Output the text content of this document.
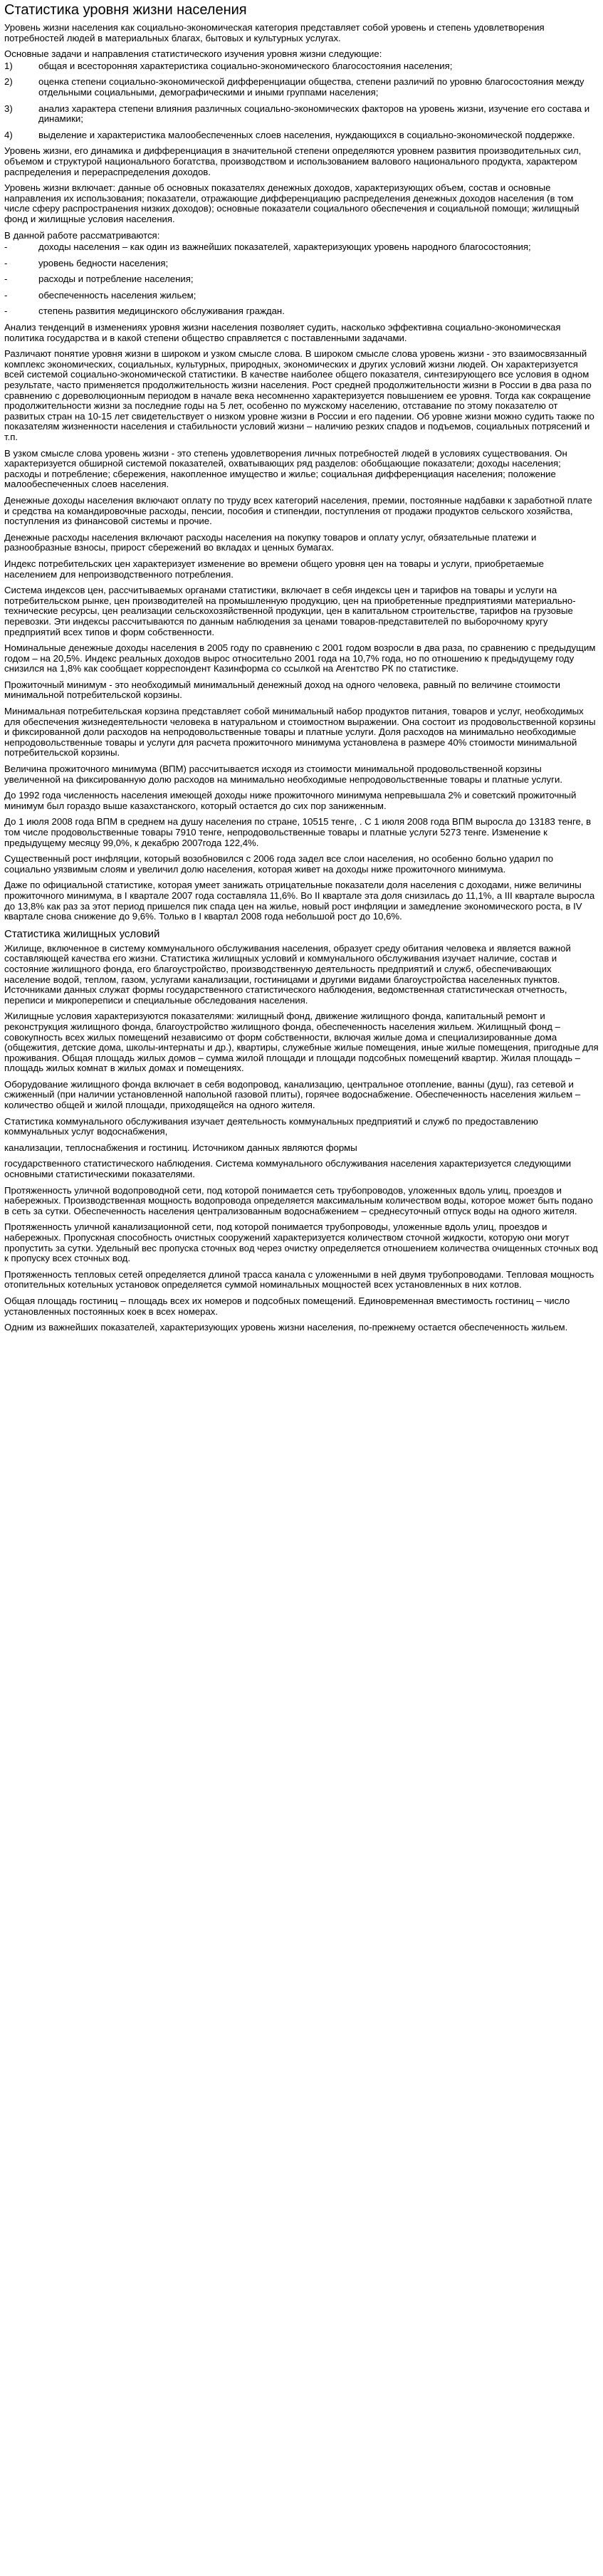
Статистика уровня жизни населения

Уровень жизни населения как социально-экономическая категория представляет собой уровень и степень удовлетворения потребностей людей в материальных благах, бытовых и культурных услугах.

Основные задачи и направления статистического изучения уровня жизни следующие:

1)	общая и всесторонняя характеристика социально-экономического благосостояния населения;
2)	оценка степени социально-экономической дифференциации общества, степени различий по уровню благосостояния между отдельными социальными, демографическими и иными группами населения;
3)	анализ характера степени влияния различных социально-экономических факторов на уровень жизни, изучение его состава и динамики;
4)	выделение и характеристика малообеспеченных слоев населения, нуждающихся в социально-экономической поддержке.

Уровень жизни, его динамика и дифференциация в значительной степени определяются уровнем развития производительных сил, объемом и структурой национального богатства, производством и использованием валового национального продукта, характером распределения и перераспределения доходов.

Уровень жизни включает: данные об основных показателях денежных доходов, характеризующих объем, состав и основные направления их использования; показатели, отражающие дифференциацию распределения денежных доходов населения (в том числе сферу распространения низких доходов); основные показатели социального обеспечения и социальной помощи; жилищный фонд и жилищные условия населения.

В данной работе рассматриваются:

-	доходы населения – как один из важнейших показателей, характеризующих уровень народного благосостояния;
-	уровень бедности населения;
-	расходы и потребление населения;
-	обеспеченность населения жильем;
-	степень развития медицинского обслуживания граждан.

Анализ тенденций в изменениях уровня жизни населения позволяет судить, насколько эффективна социально-экономическая политика государства и в какой степени общество справляется с поставленными задачами.

Различают понятие уровня жизни в широком и узком смысле слова. В широком смысле слова уровень жизни - это взаимосвязанный комплекс экономических, социальных, культурных, природных, экономических и других условий жизни людей. Он характеризуется всей системой социально-экономической статистики. В качестве наиболее общего показателя, синтезирующего все условия в одном результате, часто применяется продолжительность жизни населения. Рост средней продолжительности жизни в России в два раза по сравнению с дореволюционным периодом в начале века несомненно характеризуется повышением ее уровня. Тогда как сокращение продолжительности жизни за последние годы на 5 лет, особенно по мужскому населению, отставание по этому показателю от развитых стран на 10-15 лет свидетельствует о низком уровне жизни в России и его падении. Об уровне жизни можно судить также по показателям жизненности населения и стабильности условий жизни – наличию резких спадов и подъемов, социальных потрясений и т.п.

В узком смысле слова уровень жизни - это степень удовлетворения личных потребностей людей в условиях существования. Он характеризуется обширной системой показателей, охватывающих ряд разделов: обобщающие показатели; доходы населения; расходы и потребление; сбережения, накопленное имущество и жилье; социальная дифференциация населения; положение малообеспеченных слоев населения.

Денежные доходы населения включают оплату по труду всех категорий населения, премии, постоянные надбавки к заработной плате и средства на командировочные расходы, пенсии, пособия и стипендии, поступления от продажи продуктов сельского хозяйства, поступления из финансовой системы и прочие.

Денежные расходы населения включают расходы населения на покупку товаров и оплату услуг, обязательные платежи и разнообразные взносы, прирост сбережений во вкладах и ценных бумагах.

Индекс потребительских цен характеризует изменение во времени общего уровня цен на товары и услуги, приобретаемые населением для непроизводственного потребления.

Система индексов цен, рассчитываемых органами статистики, включает в себя индексы цен и тарифов на товары и услуги на потребительском рынке, цен производителей на промышленную продукцию, цен на приобретенные предприятиями материально-технические ресурсы, цен реализации сельскохозяйственной продукции, цен в капитальном строительстве, тарифов на грузовые перевозки. Эти индексы рассчитываются по данным наблюдения за ценами товаров-представителей по выборочному кругу предприятий всех типов и форм собственности.

Номинальные денежные доходы населения в 2005 году по сравнению с 2001 годом возросли в два раза, по сравнению с предыдущим годом – на 20,5%. Индекс реальных доходов вырос относительно 2001 года на 10,7% года, но по отношению к предыдущему году снизился на 1,8% как сообщает корреспондент Казинформа со ссылкой на Агентство РК по статистике.

Прожиточный минимум - это необходимый минимальный денежный доход на одного человека, равный по величине стоимости минимальной потребительской корзины.

Минимальная потребительская корзина представляет собой минимальный набор продуктов питания, товаров и услуг, необходимых для обеспечения жизнедеятельности человека в натуральном и стоимостном выражении. Она состоит из продовольственной корзины и фиксированной доли расходов на непродовольственные товары и платные услуги. Доля расходов на минимально необходимые непродовольственные товары и услуги для расчета прожиточного минимума установлена в размере 40% стоимости минимальной потребительской корзины.

Величина прожиточного минимума (ВПМ) рассчитывается исходя из стоимости минимальной продовольственной корзины увеличенной на фиксированную долю расходов на минимально необходимые непродовольственные товары и платные услуги.

До 1992 года численность населения имеющей доходы ниже прожиточного минимума непревышала 2% и советский прожиточный минимум был гораздо выше казахстанского, который остается до сих пор заниженным.

До 1 июля 2008 года ВПМ в среднем на душу населения по стране, 10515 тенге, . С 1 июля 2008 года ВПМ выросла до 13183 тенге, в том числе продовольственные товары 7910 тенге, непродовольственные товары и платные услуги 5273 тенге. Изменение к предыдущему месяцу 99,0%, к декабрю 2007года 122,4%.

Существенный рост инфляции, который возобновился с 2006 года задел все слои населения, но особенно больно ударил по социально уязвимым слоям и увеличил долю населения, которая живет на доходы ниже прожиточного минимума.

Даже по официальной статистике, которая умеет занижать отрицательные показатели доля населения с доходами, ниже величины прожиточного минимума, в I квартале 2007 года составляла 11,6%. Во II квартале эта доля снизилась до 11,1%, а III квартале выросла до 13,8% как раз за этот период пришелся пик спада цен на жилье, новый рост инфляции и замедление экономического роста, в IV квартале снова снижение до 9,6%. Только в I квартал 2008 года небольшой рост до 10,6%.

Статистика жилищных условий

Жилище, включенное в систему коммунального обслуживания населения, образует среду обитания человека и является важной составляющей качества его жизни. Статистика жилищных условий и коммунального обслуживания изучает наличие, состав и состояние жилищного фонда, его благоустройство, производственную деятельность предприятий и служб, обеспечивающих население водой, теплом, газом, услугами канализации, гостиницами и другими видами благоустройства населенных пунктов. Источниками данных служат формы государственного статистического наблюдения, ведомственная статистическая отчетность, переписи и микропереписи и специальные обследования населения.

Жилищные условия характеризуются показателями: жилищный фонд, движение жилищного фонда, капитальный ремонт и реконструкция жилищного фонда, благоустройство жилищного фонда, обеспеченность населения жильем. Жилищный фонд – совокупность всех жилых помещений независимо от форм собственности, включая жилые дома и специализированные дома (общежития, детские дома, школы-интернаты и др.), квартиры, служебные жилые помещения, иные жилые помещения, пригодные для проживания. Общая площадь жилых домов – сумма жилой площади и площади подсобных помещений квартир. Жилая площадь – площадь жилых комнат в жилых домах и помещениях.

Оборудование жилищного фонда включает в себя водопровод, канализацию, центральное отопление, ванны (душ), газ сетевой и сжиженный (при наличии установленной напольной газовой плиты), горячее водоснабжение. Обеспеченность населения жильем – количество общей и жилой площади, приходящейся на одного жителя.

Статистика коммунального обслуживания изучает деятельность коммунальных предприятий и служб по предоставлению коммунальных услуг водоснабжения,

канализации, теплоснабжения и гостиниц. Источником данных являются формы

государственного статистического наблюдения. Система коммунального обслуживания населения характеризуется следующими основными статистическими показателями.

Протяженность уличной водопроводной сети, под которой понимается сеть трубопроводов, уложенных вдоль улиц, проездов и набережных. Производственная мощность водопровода определяется максимальным количеством воды, которое может быть подано в сеть за сутки. Обеспеченность населения централизованным водоснабжением – среднесуточный отпуск воды на одного жителя.

Протяженность уличной канализационной сети, под которой понимается трубопроводы, уложенные вдоль улиц, проездов и набережных. Пропускная способность очистных сооружений характеризуется количеством сточной жидкости, которую они могут пропустить за сутки. Удельный вес пропуска сточных вод через очистку определяется отношением количества очищенных сточных вод к пропуску всех сточных вод.

Протяженность тепловых сетей определяется длиной трасса канала с уложенными в ней двумя трубопроводами. Тепловая мощность отопительных котельных установок определяется суммой номинальных мощностей всех установленных в них котлов.

Общая площадь гостиниц – площадь всех их номеров и подсобных помещений. Единовременная вместимость гостиниц – число установленных постоянных коек в всех номерах.

Одним из важнейших показателей, характеризующих уровень жизни населения, по-прежнему остается обеспеченность жильем.
